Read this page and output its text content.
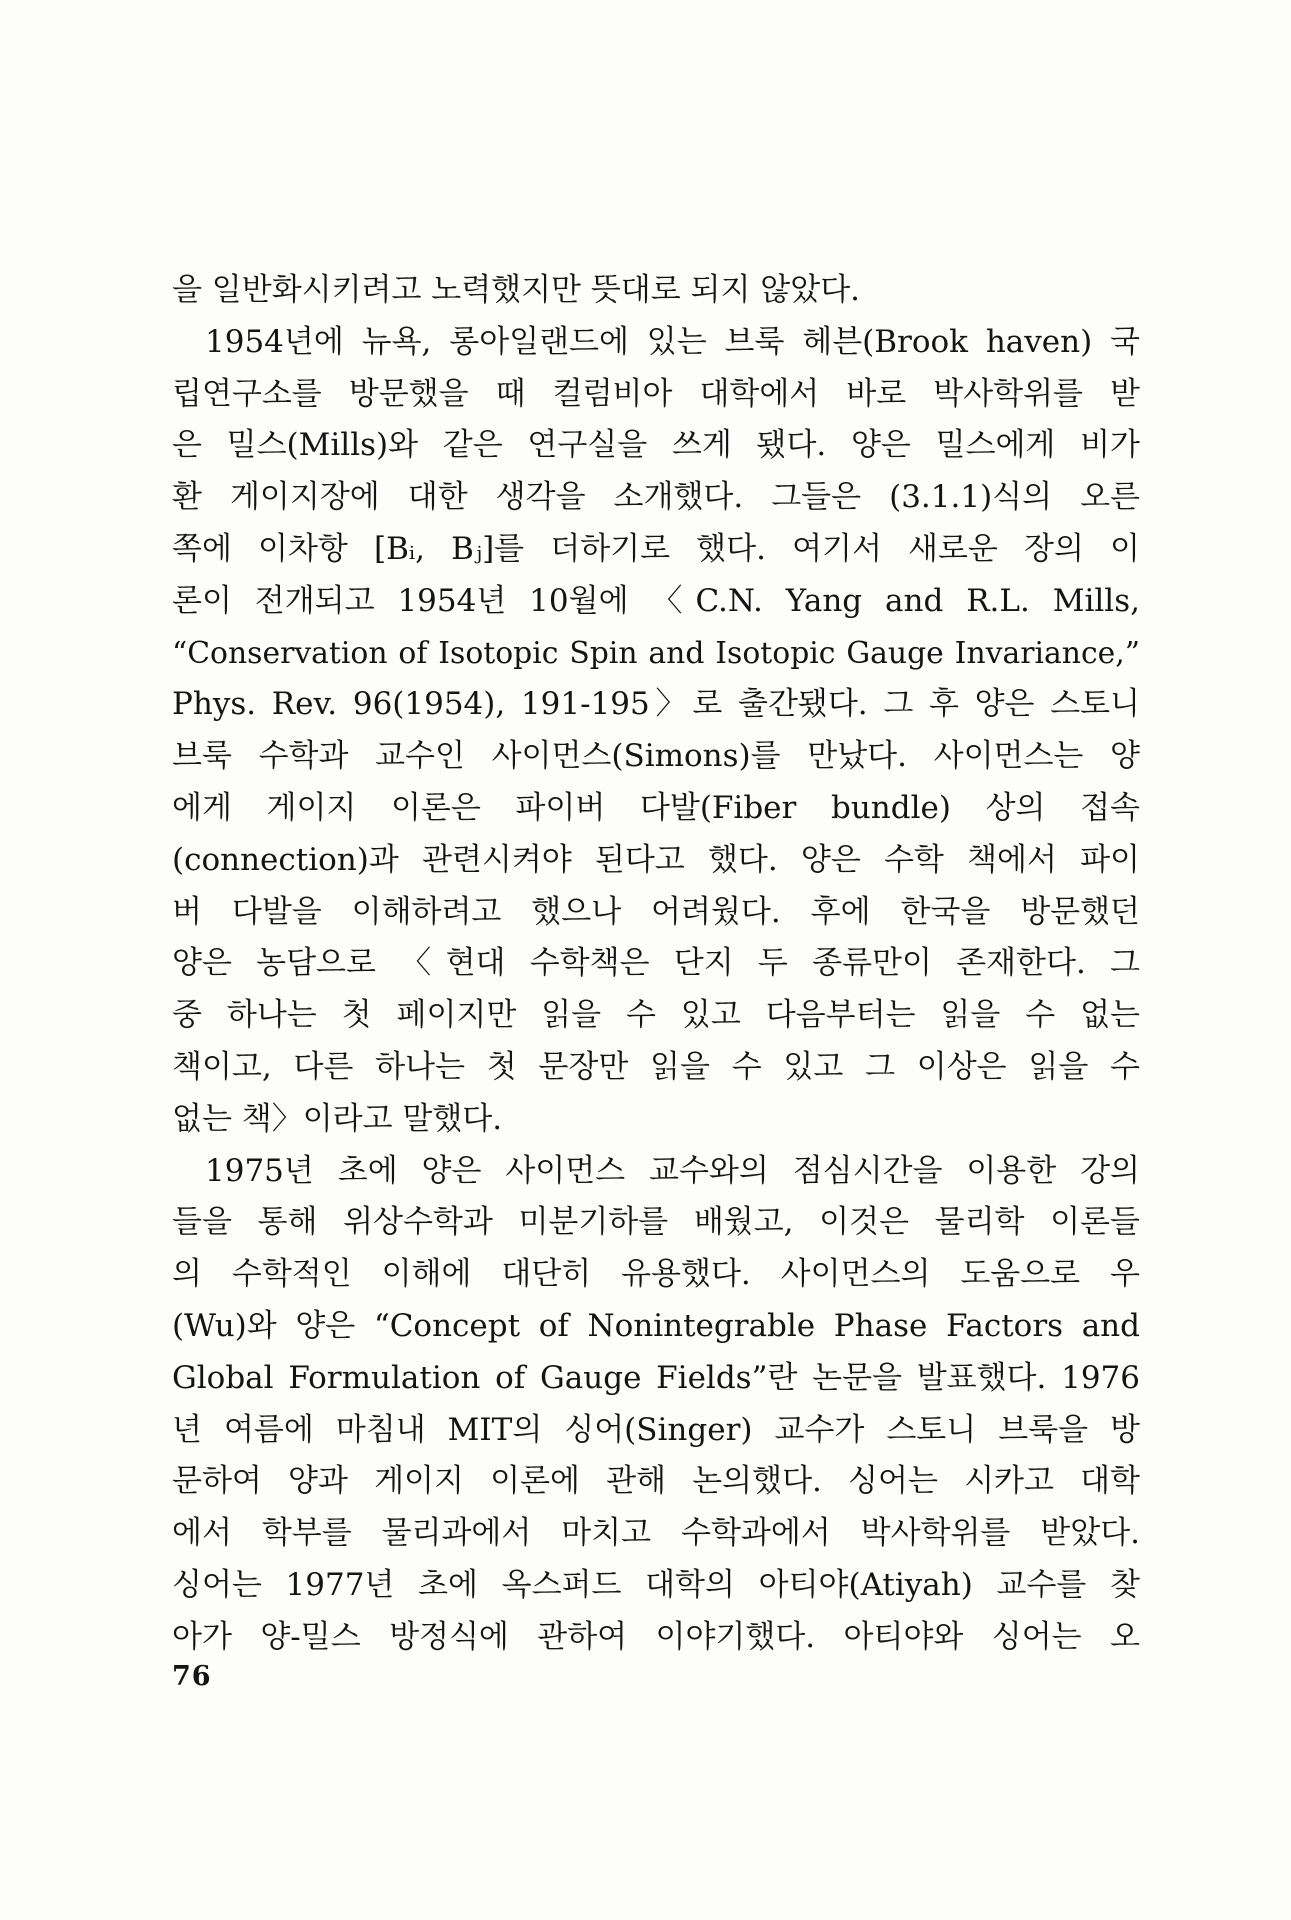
을 일반화시키려고 노력했지만 뜻대로 되지 않았다.
1954년에 뉴욕, 롱아일랜드에 있는 브룩 헤븐(Brook haven) 국
립연구소를 방문했을 때 컬럼비아 대학에서 바로 박사학위를 받
은 밀스(Mills)와 같은 연구실을 쓰게 됐다. 양은 밀스에게 비가
환 게이지장에 대한 생각을 소개했다. 그들은 (3.1.1)식의 오른
쪽에 이차항 [Bᵢ, Bⱼ]를 더하기로 했다. 여기서 새로운 장의 이
론이 전개되고 1954년 10월에 〈C.N. Yang and R.L. Mills,
“Conservation of Isotopic Spin and Isotopic Gauge Invariance,”
Phys. Rev. 96(1954), 191-195〉로 출간됐다. 그 후 양은 스토니
브룩 수학과 교수인 사이먼스(Simons)를 만났다. 사이먼스는 양
에게 게이지 이론은 파이버 다발(Fiber bundle) 상의 접속
(connection)과 관련시켜야 된다고 했다. 양은 수학 책에서 파이
버 다발을 이해하려고 했으나 어려웠다. 후에 한국을 방문했던
양은 농담으로 〈현대 수학책은 단지 두 종류만이 존재한다. 그
중 하나는 첫 페이지만 읽을 수 있고 다음부터는 읽을 수 없는
책이고, 다른 하나는 첫 문장만 읽을 수 있고 그 이상은 읽을 수
없는 책〉이라고 말했다.
1975년 초에 양은 사이먼스 교수와의 점심시간을 이용한 강의
들을 통해 위상수학과 미분기하를 배웠고, 이것은 물리학 이론들
의 수학적인 이해에 대단히 유용했다. 사이먼스의 도움으로 우
(Wu)와 양은 “Concept of Nonintegrable Phase Factors and
Global Formulation of Gauge Fields”란 논문을 발표했다. 1976
년 여름에 마침내 MIT의 싱어(Singer) 교수가 스토니 브룩을 방
문하여 양과 게이지 이론에 관해 논의했다. 싱어는 시카고 대학
에서 학부를 물리과에서 마치고 수학과에서 박사학위를 받았다.
싱어는 1977년 초에 옥스퍼드 대학의 아티야(Atiyah) 교수를 찾
아가 양-밀스 방정식에 관하여 이야기했다. 아티야와 싱어는 오
76
